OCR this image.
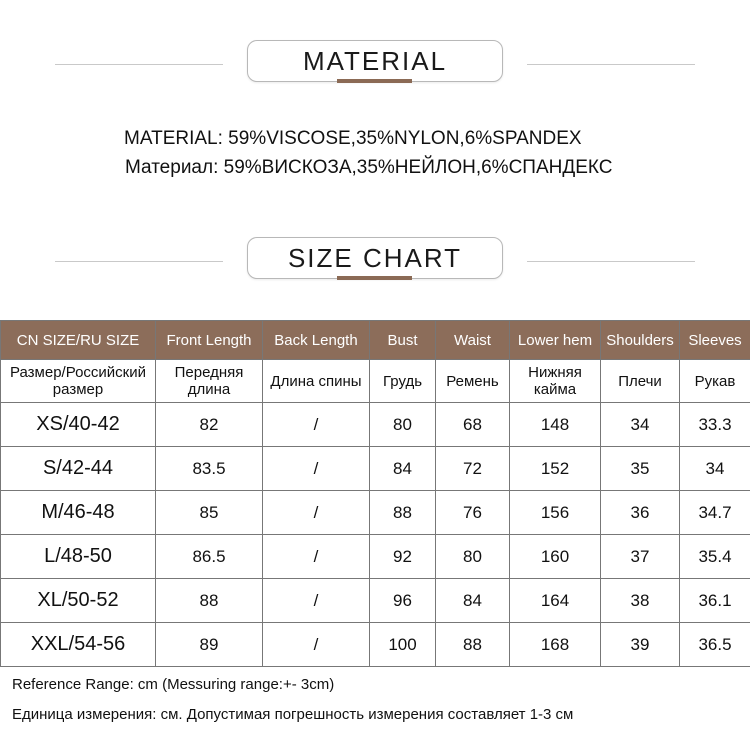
MATERIAL
MATERIAL: 59%VISCOSE,35%NYLON,6%SPANDEX
Материал: 59%ВИСКОЗА,35%НЕЙЛОН,6%СПАНДЕКС
SIZE CHART
CN SIZE/RU SIZE	Front Length	Back Length	Bust	Waist	Lower hem	Shoulders	Sleeves
Размер/Российский размер	Передняя длина	Длина спины	Грудь	Ремень	Нижняя кайма	Плечи	Рукав
XS/40-42	82	/	80	68	148	34	33.3
S/42-44	83.5	/	84	72	152	35	34
M/46-48	85	/	88	76	156	36	34.7
L/48-50	86.5	/	92	80	160	37	35.4
XL/50-52	88	/	96	84	164	38	36.1
XXL/54-56	89	/	100	88	168	39	36.5
Reference Range: cm (Messuring range:+- 3cm)
Единица измерения: см. Допустимая погрешность измерения составляет 1-3 см
